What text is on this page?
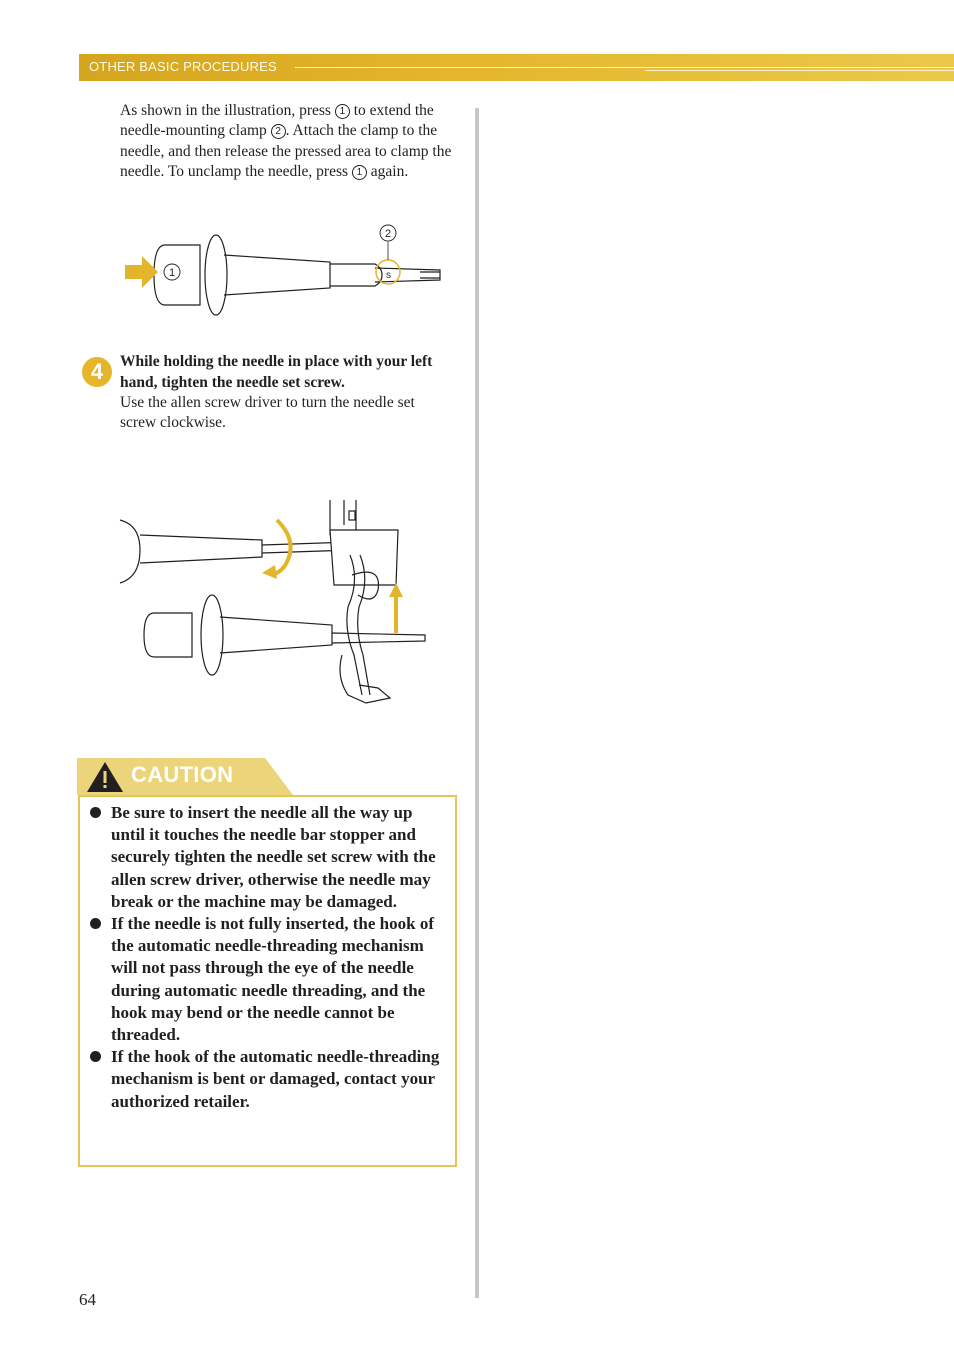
OTHER BASIC PROCEDURES
As shown in the illustration, press 1 to extend the needle-mounting clamp 2 . Attach the clamp to the needle, and then release the pressed area to clamp the needle. To unclamp the needle, press 1 again.
s
2
1
4	While holding the needle in place with your left hand, tighten the needle set screw.
Use the allen screw driver to turn the needle set screw clockwise.
CAUTION
Be sure to insert the needle all the way up until it touches the needle bar stopper and securely tighten the needle set screw with the allen screw driver, otherwise the needle may break or the machine may be damaged.
If the needle is not fully inserted, the hook of the automatic needle-threading mechanism will not pass through the eye of the needle during automatic needle threading, and the hook may bend or the needle cannot be threaded.
If the hook of the automatic needle-threading mechanism is bent or damaged, contact your authorized retailer.
64
